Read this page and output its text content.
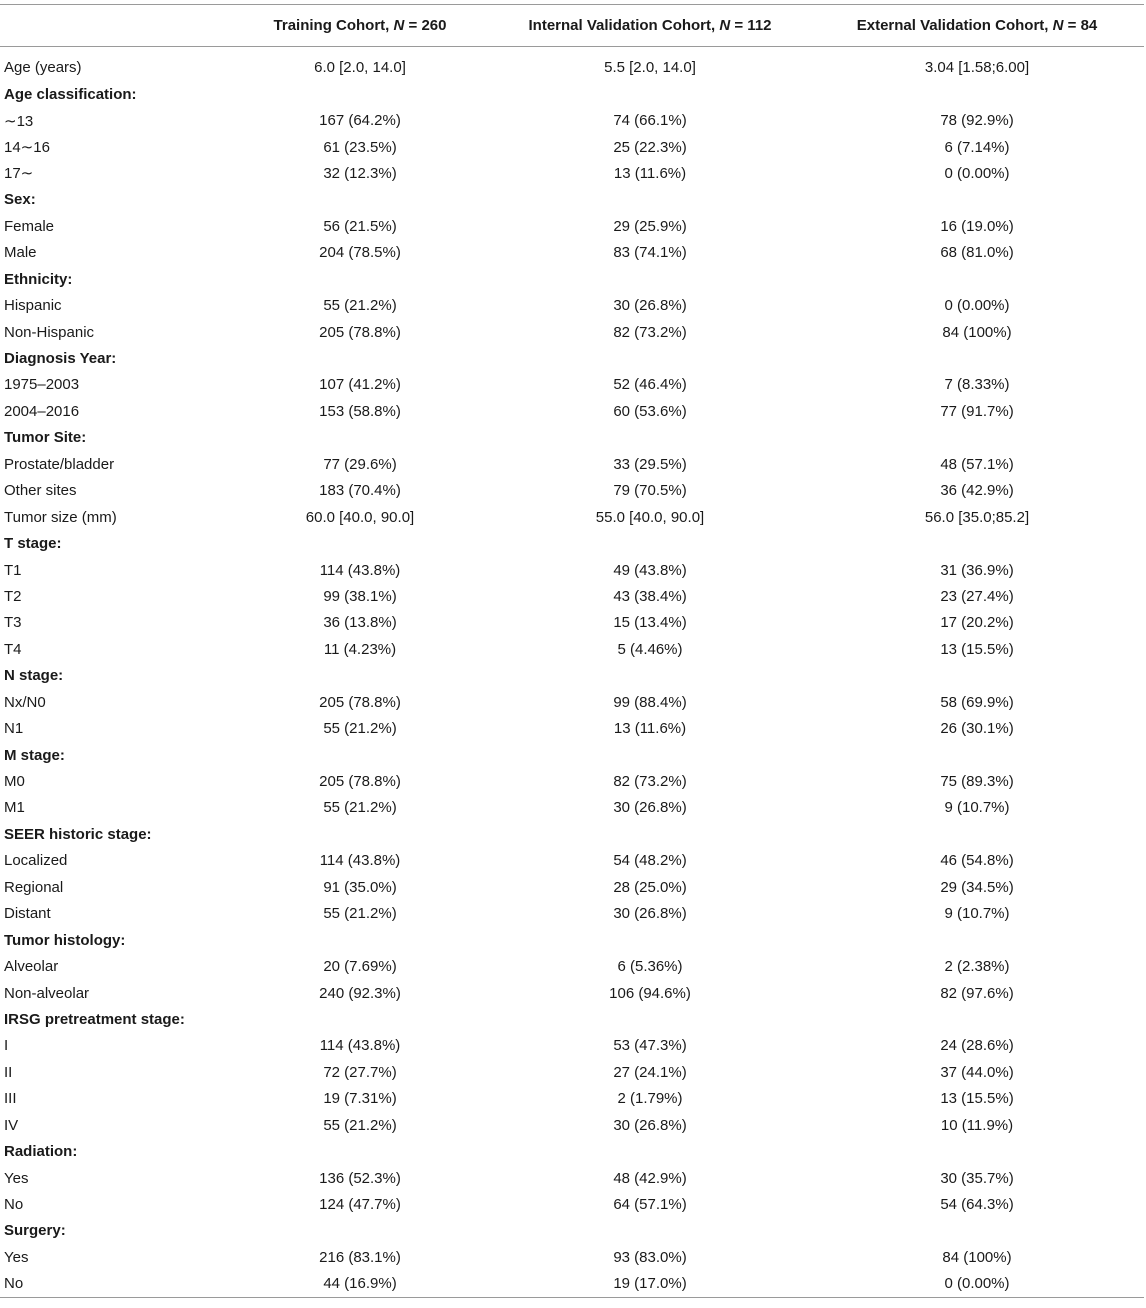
	Training Cohort, N = 260	Internal Validation Cohort, N = 112	External Validation Cohort, N = 84

Age (years)	6.0 [2.0, 14.0]	5.5 [2.0, 14.0]	3.04 [1.58;6.00]
Age classification:			
∼13	167 (64.2%)	74 (66.1%)	78 (92.9%)
14∼16	61 (23.5%)	25 (22.3%)	6 (7.14%)
17∼	32 (12.3%)	13 (11.6%)	0 (0.00%)
Sex:			
Female	56 (21.5%)	29 (25.9%)	16 (19.0%)
Male	204 (78.5%)	83 (74.1%)	68 (81.0%)
Ethnicity:			
Hispanic	55 (21.2%)	30 (26.8%)	0 (0.00%)
Non-Hispanic	205 (78.8%)	82 (73.2%)	84 (100%)
Diagnosis Year:			
1975–2003	107 (41.2%)	52 (46.4%)	7 (8.33%)
2004–2016	153 (58.8%)	60 (53.6%)	77 (91.7%)
Tumor Site:			
Prostate/bladder	77 (29.6%)	33 (29.5%)	48 (57.1%)
Other sites	183 (70.4%)	79 (70.5%)	36 (42.9%)
Tumor size (mm)	60.0 [40.0, 90.0]	55.0 [40.0, 90.0]	56.0 [35.0;85.2]
T stage:			
T1	114 (43.8%)	49 (43.8%)	31 (36.9%)
T2	99 (38.1%)	43 (38.4%)	23 (27.4%)
T3	36 (13.8%)	15 (13.4%)	17 (20.2%)
T4	11 (4.23%)	5 (4.46%)	13 (15.5%)
N stage:			
Nx/N0	205 (78.8%)	99 (88.4%)	58 (69.9%)
N1	55 (21.2%)	13 (11.6%)	26 (30.1%)
M stage:			
M0	205 (78.8%)	82 (73.2%)	75 (89.3%)
M1	55 (21.2%)	30 (26.8%)	9 (10.7%)
SEER historic stage:			
Localized	114 (43.8%)	54 (48.2%)	46 (54.8%)
Regional	91 (35.0%)	28 (25.0%)	29 (34.5%)
Distant	55 (21.2%)	30 (26.8%)	9 (10.7%)
Tumor histology:			
Alveolar	20 (7.69%)	6 (5.36%)	2 (2.38%)
Non-alveolar	240 (92.3%)	106 (94.6%)	82 (97.6%)
IRSG pretreatment stage:			
I	114 (43.8%)	53 (47.3%)	24 (28.6%)
II	72 (27.7%)	27 (24.1%)	37 (44.0%)
III	19 (7.31%)	2 (1.79%)	13 (15.5%)
IV	55 (21.2%)	30 (26.8%)	10 (11.9%)
Radiation:			
Yes	136 (52.3%)	48 (42.9%)	30 (35.7%)
No	124 (47.7%)	64 (57.1%)	54 (64.3%)
Surgery:			
Yes	216 (83.1%)	93 (83.0%)	84 (100%)
No	44 (16.9%)	19 (17.0%)	0 (0.00%)
